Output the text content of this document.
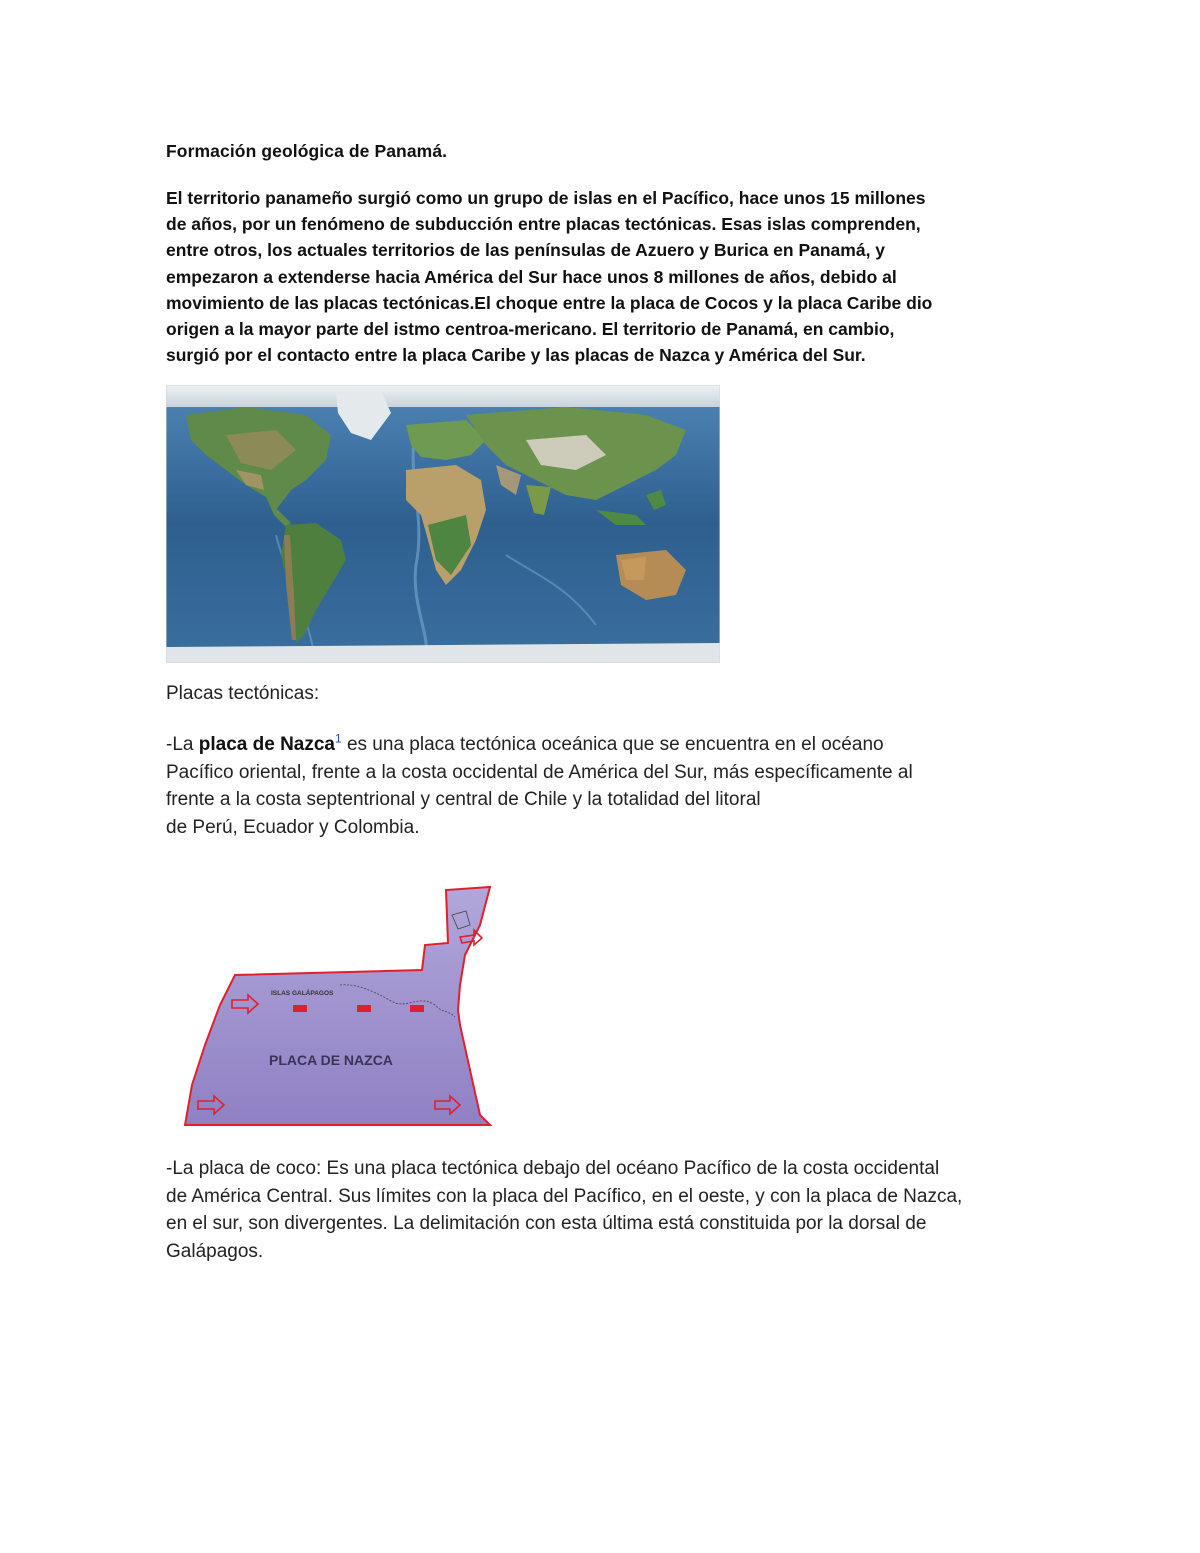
Formación geológica de Panamá.

El territorio panameño surgió como un grupo de islas en el Pacífico, hace unos 15 millones
de años, por un fenómeno de subducción entre placas tectónicas. Esas islas comprenden,
entre otros, los actuales territorios de las penínsulas de Azuero y Burica en Panamá, y
empezaron a extenderse hacia América del Sur hace unos 8 millones de años, debido al
movimiento de las placas tectónicas.El choque entre la placa de Cocos y la placa Caribe dio
origen a la mayor parte del istmo centroa-mericano. El territorio de Panamá, en cambio,
surgió por el contacto entre la placa Caribe y las placas de Nazca y América del Sur.

Placas tectónicas:

-La placa de Nazca$^1$ es una placa tectónica oceánica que se encuentra en el océano
Pacífico oriental, frente a la costa occidental de América del Sur, más específicamente al
frente a la costa septentrional y central de Chile y la totalidad del litoral
de Perú, Ecuador y Colombia.

ISLAS GALÁPAGOS
PLACA DE NAZCA

-La placa de coco: Es una placa tectónica debajo del océano Pacífico de la costa occidental
de América Central. Sus límites con la placa del Pacífico, en el oeste, y con la placa de Nazca,
en el sur, son divergentes. La delimitación con esta última está constituida por la dorsal de
Galápagos.
